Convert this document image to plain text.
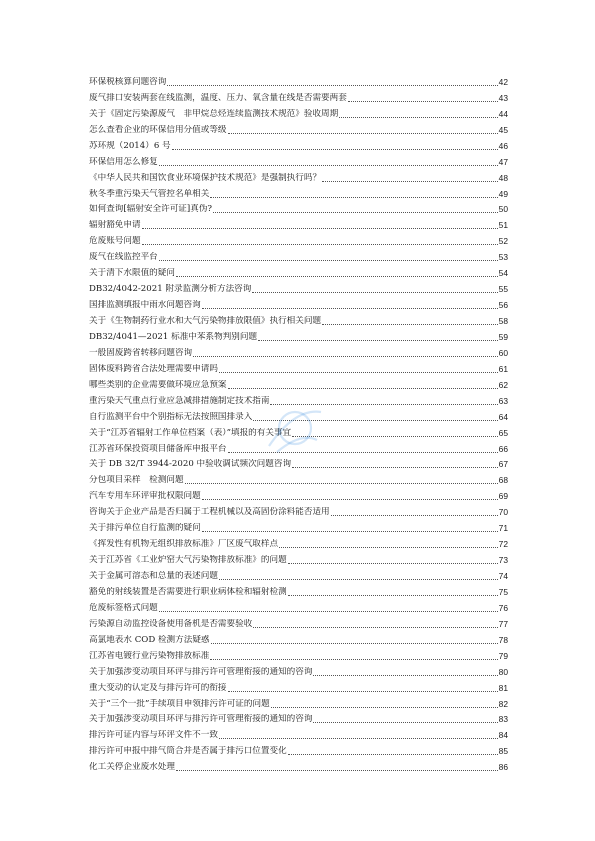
环保税核算问题咨询	42
废气排口安装两套在线监测，温度、压力、氧含量在线是否需要两套	43
关于《固定污染源废气　非甲烷总烃连续监测技术规范》验收周期	44
怎么查看企业的环保信用分值或等级	45
苏环规（2014）6 号	46
环保信用怎么修复	47
《中华人民共和国饮食业环境保护技术规范》是强制执行吗？	48
秋冬季重污染天气管控名单相关	49
如何查询[辐射安全许可证]真伪?	50
辐射豁免申请	51
危废账号问题	52
废气在线监控平台	53
关于清下水限值的疑问	54
DB32/4042-2021 附录监测分析方法咨询	55
国排监测填报中雨水问题咨询	56
关于《生物制药行业水和大气污染物排放限值》执行相关问题	58
DB32/4041—2021 标准中苯系物判别问题	59
一般固废跨省转移问题咨询	60
固体废料跨省合法处理需要申请吗	61
哪些类别的企业需要做环境应急预案	62
重污染天气重点行业应急减排措施制定技术指南	63
自行监测平台中个别指标无法按照国排录入	64
关于“江苏省辐射工作单位档案（表）”填报的有关事宜	65
江苏省环保投资项目储备库申报平台	66
关于 DB 32/T 3944-2020 中验收调试频次问题咨询	67
分包项目采样　检测问题	68
汽车专用车环评审批权限问题	69
咨询关于企业产品是否归属于工程机械以及高固份涂料能否适用	70
关于排污单位自行监测的疑问	71
《挥发性有机物无组织排放标准》厂区废气取样点	72
关于江苏省《工业炉窑大气污染物排放标准》的问题	73
关于金属可溶态和总量的表述问题	74
豁免的射线装置是否需要进行职业病体检和辐射检测	75
危废标签格式问题	76
污染源自动监控设备使用备机是否需要验收	77
高氯地表水 COD 检测方法疑惑	78
江苏省电镀行业污染物排放标准	79
关于加强涉变动项目环评与排污许可管理衔接的通知的咨询	80
重大变动的认定及与排污许可的衔接	81
关于“三个一批”手续项目申领排污许可证的问题	82
关于加强涉变动项目环评与排污许可管理衔接的通知的咨询	83
排污许可证内容与环评文件不一致	84
排污许可申报中排气筒合并是否属于排污口位置变化	85
化工关停企业废水处理	86
